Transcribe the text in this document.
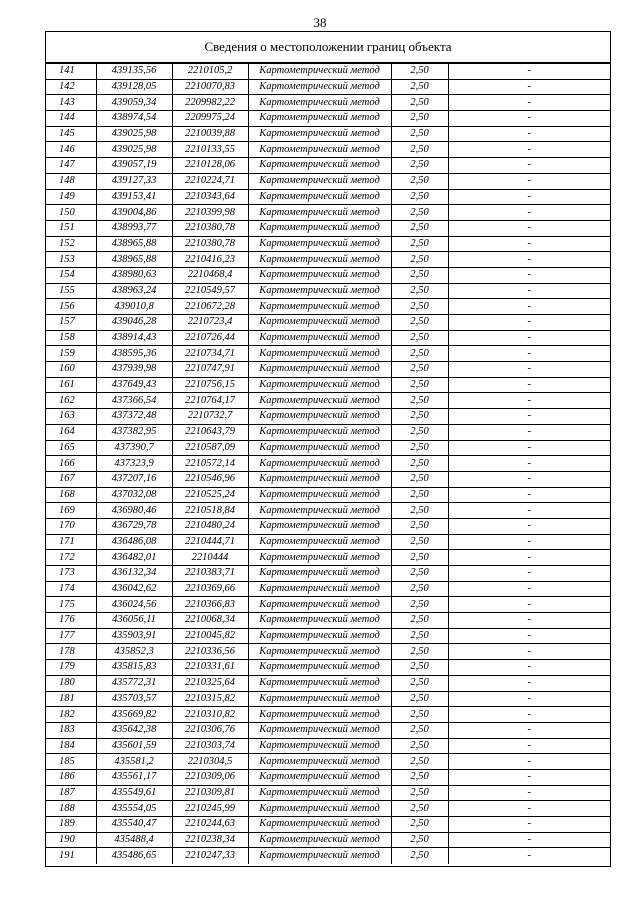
38
Сведения о местоположении границ объекта
141	439135,56	2210105,2	Картометрический метод	2,50	-
142	439128,05	2210070,83	Картометрический метод	2,50	-
143	439059,34	2209982,22	Картометрический метод	2,50	-
144	438974,54	2209975,24	Картометрический метод	2,50	-
145	439025,98	2210039,88	Картометрический метод	2,50	-
146	439025,98	2210133,55	Картометрический метод	2,50	-
147	439057,19	2210128,06	Картометрический метод	2,50	-
148	439127,33	2210224,71	Картометрический метод	2,50	-
149	439153,41	2210343,64	Картометрический метод	2,50	-
150	439004,86	2210399,98	Картометрический метод	2,50	-
151	438993,77	2210380,78	Картометрический метод	2,50	-
152	438965,88	2210380,78	Картометрический метод	2,50	-
153	438965,88	2210416,23	Картометрический метод	2,50	-
154	438980,63	2210468,4	Картометрический метод	2,50	-
155	438963,24	2210549,57	Картометрический метод	2,50	-
156	439010,8	2210672,28	Картометрический метод	2,50	-
157	439046,28	2210723,4	Картометрический метод	2,50	-
158	438914,43	2210726,44	Картометрический метод	2,50	-
159	438595,36	2210734,71	Картометрический метод	2,50	-
160	437939,98	2210747,91	Картометрический метод	2,50	-
161	437649,43	2210756,15	Картометрический метод	2,50	-
162	437366,54	2210764,17	Картометрический метод	2,50	-
163	437372,48	2210732,7	Картометрический метод	2,50	-
164	437382,95	2210643,79	Картометрический метод	2,50	-
165	437390,7	2210587,09	Картометрический метод	2,50	-
166	437323,9	2210572,14	Картометрический метод	2,50	-
167	437207,16	2210546,96	Картометрический метод	2,50	-
168	437032,08	2210525,24	Картометрический метод	2,50	-
169	436980,46	2210518,84	Картометрический метод	2,50	-
170	436729,78	2210480,24	Картометрический метод	2,50	-
171	436486,08	2210444,71	Картометрический метод	2,50	-
172	436482,01	2210444	Картометрический метод	2,50	-
173	436132,34	2210383,71	Картометрический метод	2,50	-
174	436042,62	2210369,66	Картометрический метод	2,50	-
175	436024,56	2210366,83	Картометрический метод	2,50	-
176	436056,11	2210068,34	Картометрический метод	2,50	-
177	435903,91	2210045,82	Картометрический метод	2,50	-
178	435852,3	2210336,56	Картометрический метод	2,50	-
179	435815,83	2210331,61	Картометрический метод	2,50	-
180	435772,31	2210325,64	Картометрический метод	2,50	-
181	435703,57	2210315,82	Картометрический метод	2,50	-
182	435669,82	2210310,82	Картометрический метод	2,50	-
183	435642,38	2210306,76	Картометрический метод	2,50	-
184	435601,59	2210303,74	Картометрический метод	2,50	-
185	435581,2	2210304,5	Картометрический метод	2,50	-
186	435561,17	2210309,06	Картометрический метод	2,50	-
187	435549,61	2210309,81	Картометрический метод	2,50	-
188	435554,05	2210245,99	Картометрический метод	2,50	-
189	435540,47	2210244,63	Картометрический метод	2,50	-
190	435488,4	2210238,34	Картометрический метод	2,50	-
191	435486,65	2210247,33	Картометрический метод	2,50	-
